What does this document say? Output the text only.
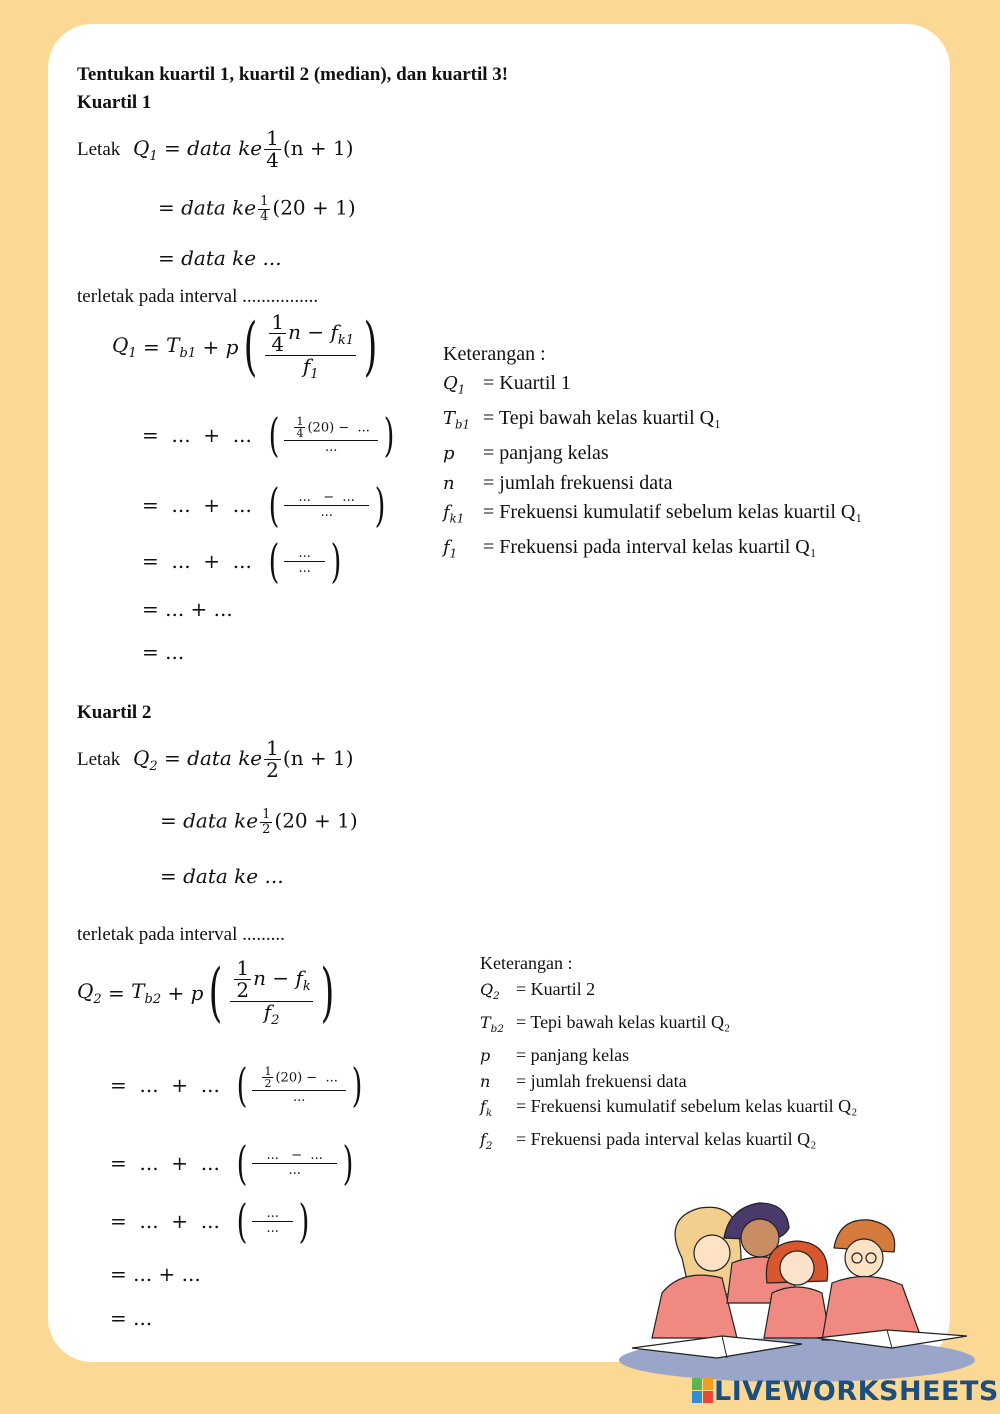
Tentukan kuartil 1, kuartil 2 (median), dan kuartil 3!
Kuartil 1
Letak $Q_1$ = data ke $\frac{1}{4} (n + 1)$
= data ke $\frac{1}{4} (20 + 1)$
= data ke ...
terletak pada interval ................
$Q_1 = T_{b1} + p$ ( $\frac{\frac{1}{4} n - f_{k1}}{f_1}$ )
=  ...  +  ... ( $\frac{\frac{1}{4} (20) - ...}{...}$ )
=  ...  +  ... ( $\frac{... - ...}{...}$ )
=  ...  +  ... ( $\frac{...}{...}$ )
= ... + ...
= ...
Keterangan :
$Q_1$ = Kuartil 1
$T_{b1}$ = Tepi bawah kelas kuartil Q₁
p = panjang kelas
n = jumlah frekuensi data
$f_{k1}$ = Frekuensi kumulatif sebelum kelas kuartil Q₁
$f_1$ = Frekuensi pada interval kelas kuartil Q₁
Kuartil 2
Letak $Q_2$ = data ke $\frac{1}{2} (n + 1)$
= data ke $\frac{1}{2} (20 + 1)$
= data ke ...
terletak pada interval .........
$Q_2 = T_{b2} + p$ ( $\frac{\frac{1}{2} n - f_k}{f_2}$ )
=  ...  +  ... ( $\frac{\frac{1}{2} (20) - ...}{...}$ )
=  ...  +  ... ( $\frac{... - ...}{...}$ )
=  ...  +  ... ( $\frac{...}{...}$ )
= ... + ...
= ...
Keterangan :
$Q_2$ = Kuartil 2
$T_{b2}$ = Tepi bawah kelas kuartil Q₂
p = panjang kelas
n = jumlah frekuensi data
$f_k$ = Frekuensi kumulatif sebelum kelas kuartil Q₂
$f_2$ = Frekuensi pada interval kelas kuartil Q₂
LIVEWORKSHEETS
